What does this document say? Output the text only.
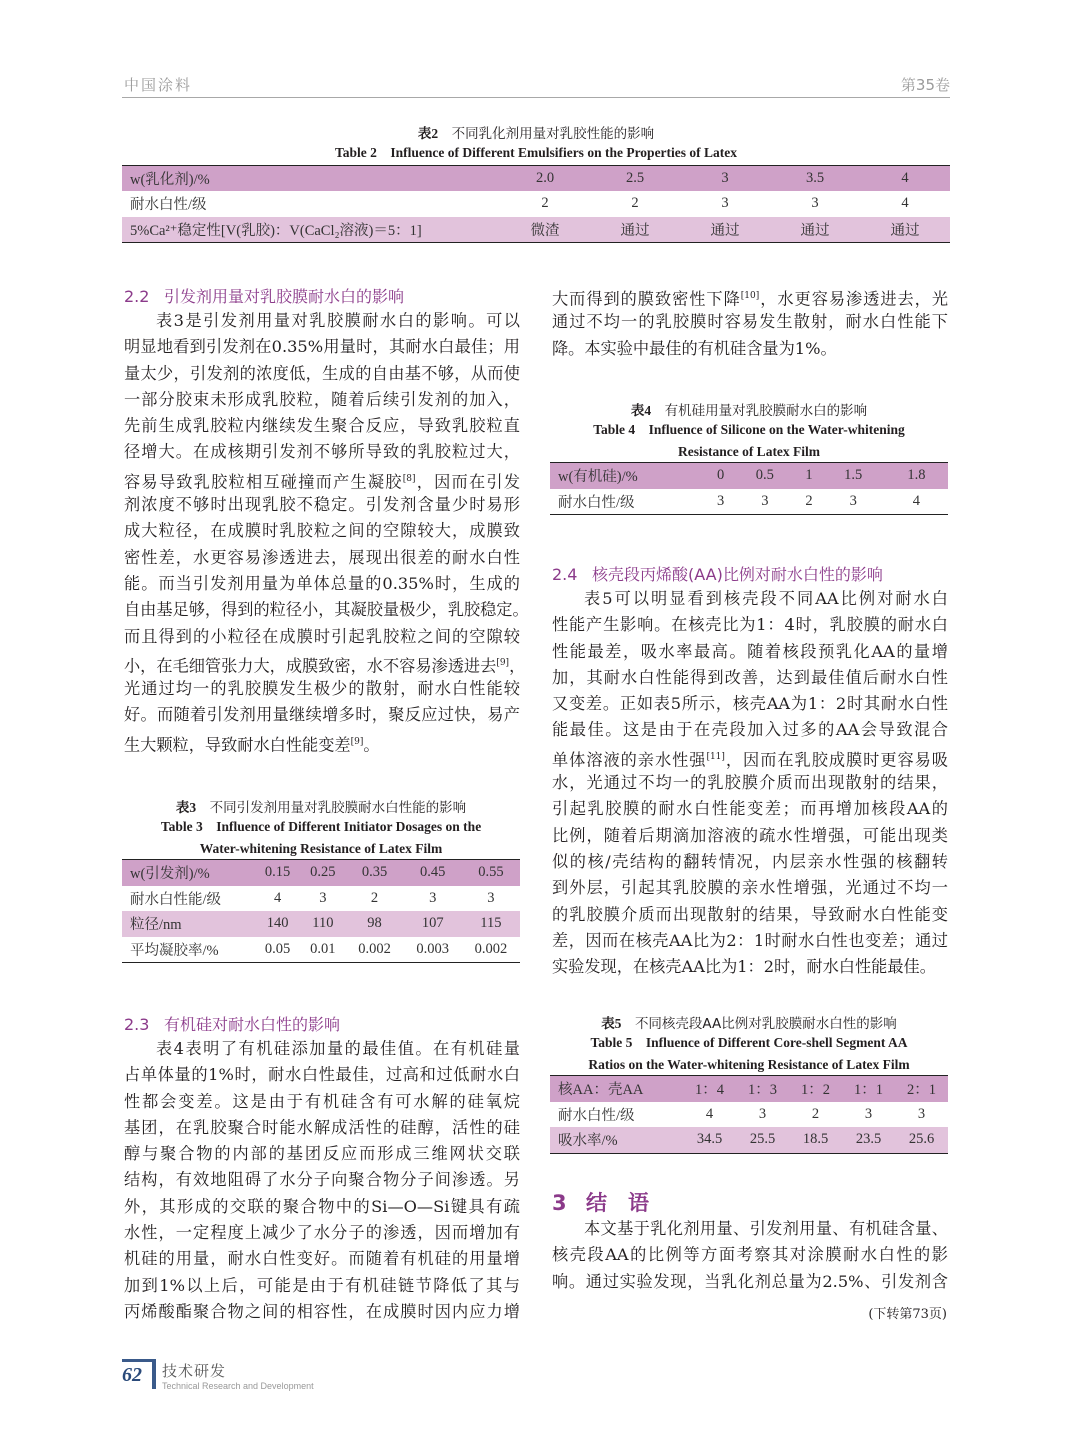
中国涂料	第35卷
表2　 不同乳化剂用量对乳胶性能的影响
Table 2　Influence of Different Emulsifiers on the Properties of Latex
w(乳化剂)/%	2.0	2.5	3	3.5	4
耐水白性/级	2	2	3	3	4
5%Ca²⁺稳定性[V(乳胶)：V(CaCl₂溶液)＝5：1]	微渣	通过	通过	通过	通过
2.2 引发剂用量对乳胶膜耐水白的影响
表3是引发剂用量对乳胶膜耐水白的影响。可以
明显地看到引发剂在0.35%用量时，其耐水白最佳；用
量太少，引发剂的浓度低，生成的自由基不够，从而使
一部分胶束未形成乳胶粒，随着后续引发剂的加入，
先前生成乳胶粒内继续发生聚合反应，导致乳胶粒直
径增大。在成核期引发剂不够所导致的乳胶粒过大，
容易导致乳胶粒相互碰撞而产生凝胶[8]，因而在引发
剂浓度不够时出现乳胶不稳定。引发剂含量少时易形
成大粒径，在成膜时乳胶粒之间的空隙较大，成膜致
密性差，水更容易渗透进去，展现出很差的耐水白性
能。而当引发剂用量为单体总量的0.35%时，生成的
自由基足够，得到的粒径小，其凝胶量极少，乳胶稳定。
而且得到的小粒径在成膜时引起乳胶粒之间的空隙较
小，在毛细管张力大，成膜致密，水不容易渗透进去[9]，
光通过均一的乳胶膜发生极少的散射，耐水白性能较
好。而随着引发剂用量继续增多时，聚反应过快，易产
生大颗粒，导致耐水白性能变差[9]。
表3　 不同引发剂用量对乳胶膜耐水白性能的影响
Table 3　Influence of Different Initiator Dosages on the
Water-whitening Resistance of Latex Film
w(引发剂)/%	0.15	0.25	0.35	0.45	0.55
耐水白性能/级	4	3	2	3	3
粒径/nm	140	110	98	107	115
平均凝胶率/%	0.05	0.01	0.002	0.003	0.002
2.3 有机硅对耐水白性的影响
表4表明了有机硅添加量的最佳值。在有机硅量
占单体量的1%时，耐水白性最佳，过高和过低耐水白
性都会变差。这是由于有机硅含有可水解的硅氧烷
基团，在乳胶聚合时能水解成活性的硅醇，活性的硅
醇与聚合物的内部的基团反应而形成三维网状交联
结构，有效地阻碍了水分子向聚合物分子间渗透。另
外，其形成的交联的聚合物中的Si—O—Si键具有疏
水性，一定程度上减少了水分子的渗透，因而增加有
机硅的用量，耐水白性变好。而随着有机硅的用量增
加到1%以上后，可能是由于有机硅链节降低了其与
丙烯酸酯聚合物之间的相容性，在成膜时因内应力增
大而得到的膜致密性下降[10]，水更容易渗透进去，光
通过不均一的乳胶膜时容易发生散射，耐水白性能下
降。本实验中最佳的有机硅含量为1%。
表4　 有机硅用量对乳胶膜耐水白的影响
Table 4　Influence of Silicone on the Water-whitening
Resistance of Latex Film
w(有机硅)/%	0	0.5	1	1.5	1.8
耐水白性/级	3	3	2	3	4
2.4 核壳段丙烯酸(AA)比例对耐水白性的影响
表5可以明显看到核壳段不同AA比例对耐水白
性能产生影响。在核壳比为1：4时，乳胶膜的耐水白
性能最差，吸水率最高。随着核段预乳化AA的量增
加，其耐水白性能得到改善，达到最佳值后耐水白性
又变差。正如表5所示，核壳AA为1：2时其耐水白性
能最佳。这是由于在壳段加入过多的AA会导致混合
单体溶液的亲水性强[11]，因而在乳胶成膜时更容易吸
水，光通过不均一的乳胶膜介质而出现散射的结果，
引起乳胶膜的耐水白性能变差；而再增加核段AA的
比例，随着后期滴加溶液的疏水性增强，可能出现类
似的核/壳结构的翻转情况，内层亲水性强的核翻转
到外层，引起其乳胶膜的亲水性增强，光通过不均一
的乳胶膜介质而出现散射的结果，导致耐水白性能变
差，因而在核壳AA比为2：1时耐水白性也变差；通过
实验发现，在核壳AA比为1：2时，耐水白性能最佳。
表5　 不同核壳段AA比例对乳胶膜耐水白性的影响
Table 5　Influence of Different Core-shell Segment AA
Ratios on the Water-whitening Resistance of Latex Film
核AA：壳AA	1：4	1：3	1：2	1：1	2：1
耐水白性/级	4	3	2	3	3
吸水率/%	34.5	25.5	18.5	23.5	25.6
3 结　语
本文基于乳化剂用量、引发剂用量、有机硅含量、
核壳段AA的比例等方面考察其对涂膜耐水白性的影
响。通过实验发现，当乳化剂总量为2.5%、引发剂含
(下转第73页)
62 技术研发
Technical Research and Development
